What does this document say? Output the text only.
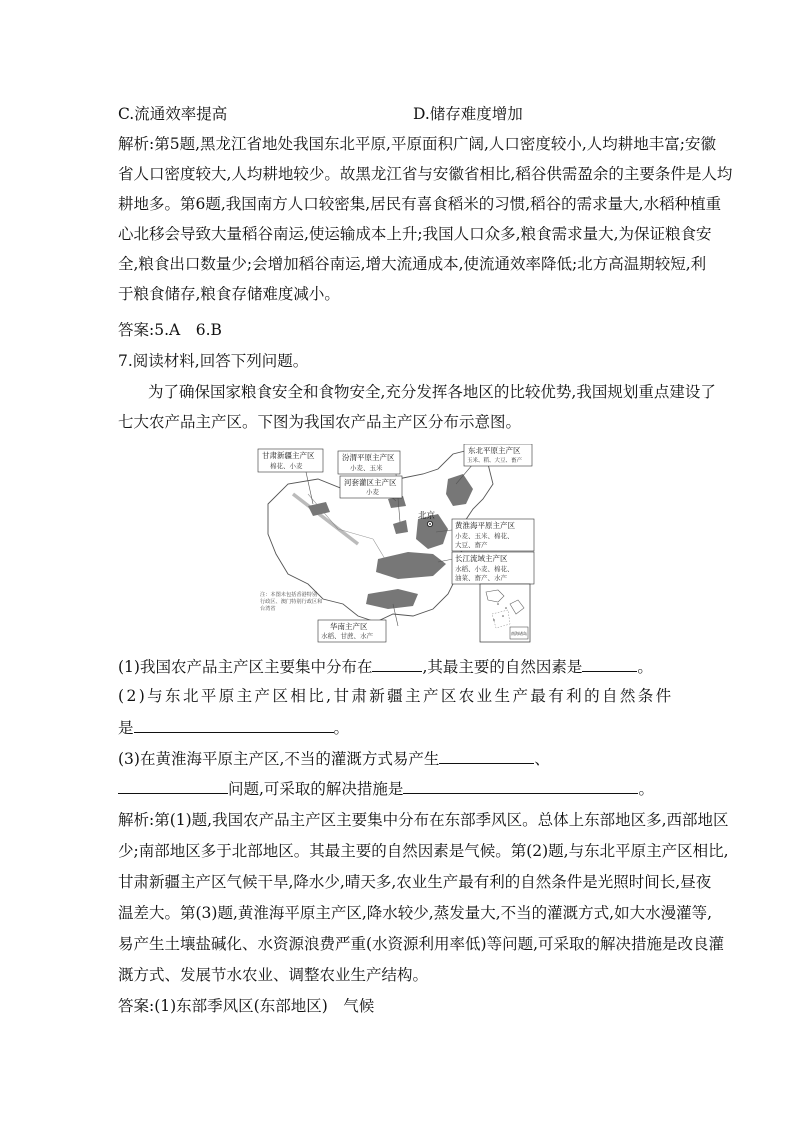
C.流通效率提高	D.储存难度增加
解析:第5题,黑龙江省地处我国东北平原,平原面积广阔,人口密度较小,人均耕地丰富;安徽
省人口密度较大,人均耕地较少。故黑龙江省与安徽省相比,稻谷供需盈余的主要条件是人均
耕地多。第6题,我国南方人口较密集,居民有喜食稻米的习惯,稻谷的需求量大,水稻种植重
心北移会导致大量稻谷南运,使运输成本上升;我国人口众多,粮食需求量大,为保证粮食安
全,粮食出口数量少;会增加稻谷南运,增大流通成本,使流通效率降低;北方高温期较短,利
于粮食储存,粮食存储难度减小。
答案:5.A　6.B
7.阅读材料,回答下列问题。
为了确保国家粮食安全和食物安全,充分发挥各地区的比较优势,我国规划重点建设了
七大农产品主产区。下图为我国农产品主产区分布示意图。
北京
甘肃新疆主产区
棉花、小麦
汾渭平原主产区
小麦、玉米
河套灌区主产区
小麦
东北平原主产区
玉米、稻、大豆、畜产
黄淮海平原主产区
小麦、玉米、棉花、
大豆、畜产
长江流域主产区
水稻、小麦、棉花、
油菜、畜产、水产
华南主产区
水稻、甘蔗、水产
注：本图未包括香港特别
行政区、澳门特别行政区和
台湾省
南海诸岛
(1)我国农产品主产区主要集中分布在	,其最主要的自然因素是	。
(2)与东北平原主产区相比,甘肃新疆主产区农业生产最有利的自然条件
是	。
(3)在黄淮海平原主产区,不当的灌溉方式易产生	、
问题,可采取的解决措施是	。
解析:第(1)题,我国农产品主产区主要集中分布在东部季风区。总体上东部地区多,西部地区
少;南部地区多于北部地区。其最主要的自然因素是气候。第(2)题,与东北平原主产区相比,
甘肃新疆主产区气候干旱,降水少,晴天多,农业生产最有利的自然条件是光照时间长,昼夜
温差大。第(3)题,黄淮海平原主产区,降水较少,蒸发量大,不当的灌溉方式,如大水漫灌等,
易产生土壤盐碱化、水资源浪费严重(水资源利用率低)等问题,可采取的解决措施是改良灌
溉方式、发展节水农业、调整农业生产结构。
答案:(1)东部季风区(东部地区)　气候
